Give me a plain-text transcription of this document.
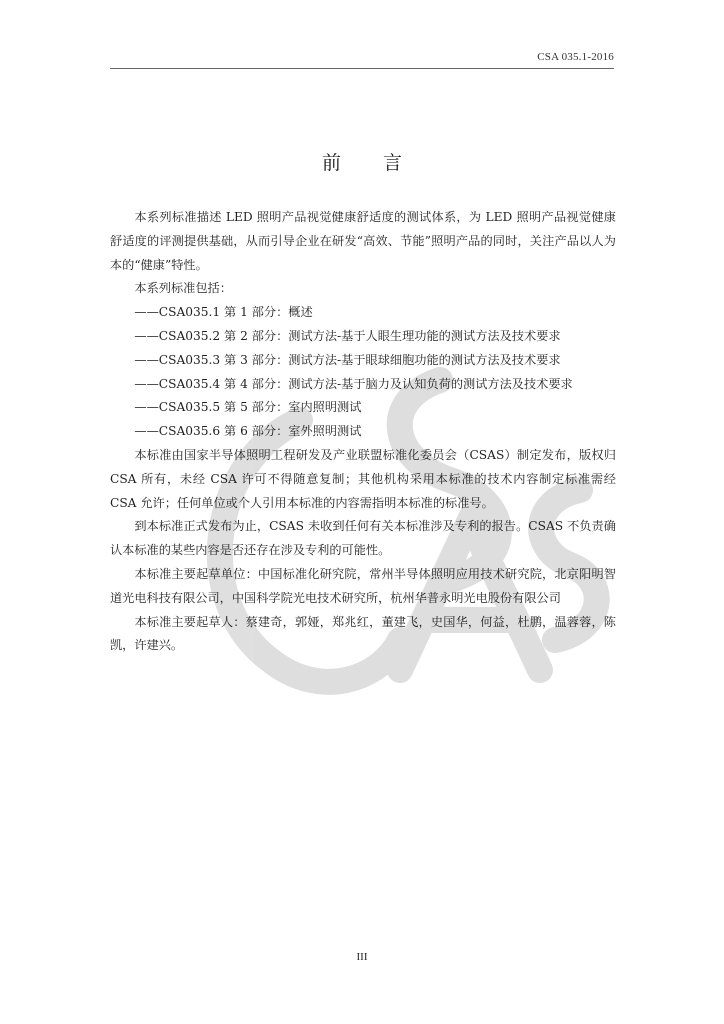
CSA 035.1-2016
前 言

本系列标准描述 LED 照明产品视觉健康舒适度的测试体系，为 LED 照明产品视觉健康舒适度的评测提供基础，从而引导企业在研发“高效、节能”照明产品的同时，关注产品以人为本的“健康”特性。

本系列标准包括：

——CSA035.1 第 1 部分：概述

——CSA035.2 第 2 部分：测试方法-基于人眼生理功能的测试方法及技术要求

——CSA035.3 第 3 部分：测试方法-基于眼球细胞功能的测试方法及技术要求

——CSA035.4 第 4 部分：测试方法-基于脑力及认知负荷的测试方法及技术要求

——CSA035.5 第 5 部分：室内照明测试

——CSA035.6 第 6 部分：室外照明测试

本标准由国家半导体照明工程研发及产业联盟标准化委员会（CSAS）制定发布，版权归 CSA 所有，未经 CSA 许可不得随意复制；其他机构采用本标准的技术内容制定标准需经 CSA 允许；任何单位或个人引用本标准的内容需指明本标准的标准号。

到本标准正式发布为止，CSAS 未收到任何有关本标准涉及专利的报告。CSAS 不负责确认本标准的某些内容是否还存在涉及专利的可能性。

本标准主要起草单位：中国标准化研究院，常州半导体照明应用技术研究院，北京阳明智道光电科技有限公司，中国科学院光电技术研究所，杭州华普永明光电股份有限公司

本标准主要起草人：蔡建奇，郭娅，郑兆红，董建飞，史国华，何益，杜鹏，温蓉蓉，陈凯，许建兴。

III
